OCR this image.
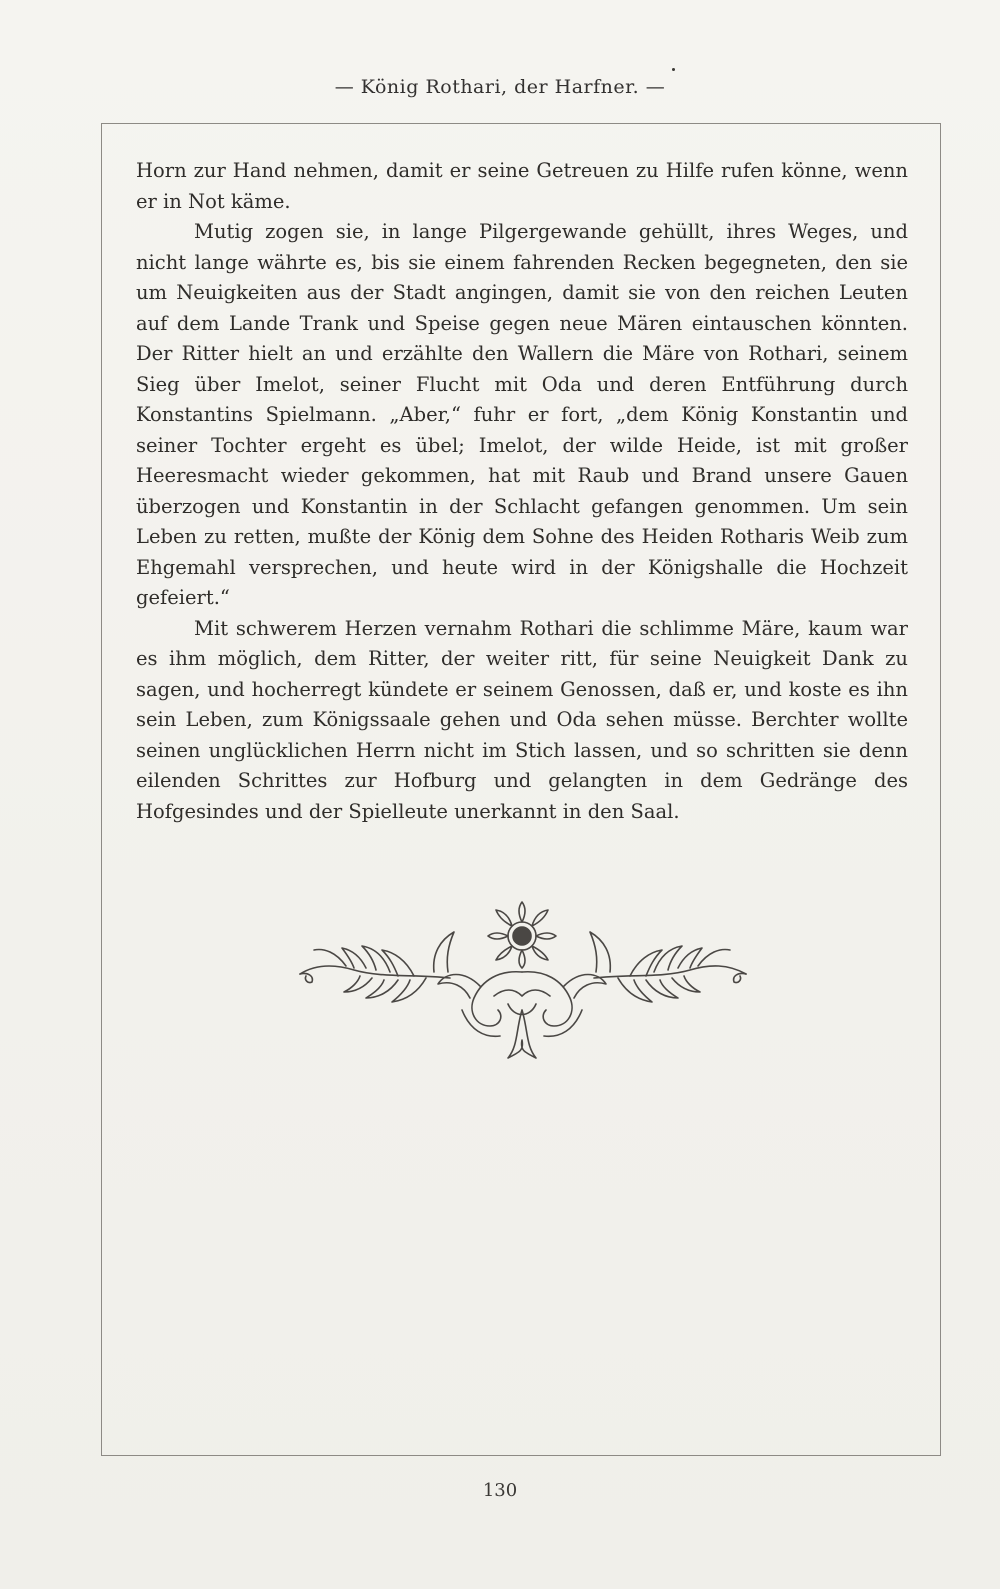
— König Rothari, der Harfner. —

Horn zur Hand nehmen, damit er seine Getreuen zu Hilfe rufen könne, wenn er in Not käme.

Mutig zogen sie, in lange Pilgergewande gehüllt, ihres Weges, und nicht lange währte es, bis sie einem fahrenden Recken begegneten, den sie um Neuigkeiten aus der Stadt angingen, damit sie von den reichen Leuten auf dem Lande Trank und Speise gegen neue Mären eintauschen könnten. Der Ritter hielt an und erzählte den Wallern die Märe von Rothari, seinem Sieg über Imelot, seiner Flucht mit Oda und deren Entführung durch Konstantins Spielmann. „Aber,“ fuhr er fort, „dem König Konstantin und seiner Tochter ergeht es übel; Imelot, der wilde Heide, ist mit großer Heeresmacht wieder gekommen, hat mit Raub und Brand unsere Gauen überzogen und Konstantin in der Schlacht gefangen genommen. Um sein Leben zu retten, mußte der König dem Sohne des Heiden Rotharis Weib zum Ehgemahl versprechen, und heute wird in der Königshalle die Hochzeit gefeiert.“

Mit schwerem Herzen vernahm Rothari die schlimme Märe, kaum war es ihm möglich, dem Ritter, der weiter ritt, für seine Neuigkeit Dank zu sagen, und hocherregt kündete er seinem Genossen, daß er, und koste es ihn sein Leben, zum Königssaale gehen und Oda sehen müsse. Berchter wollte seinen unglücklichen Herrn nicht im Stich lassen, und so schritten sie denn eilenden Schrittes zur Hofburg und gelangten in dem Gedränge des Hofgesindes und der Spielleute unerkannt in den Saal.

130
